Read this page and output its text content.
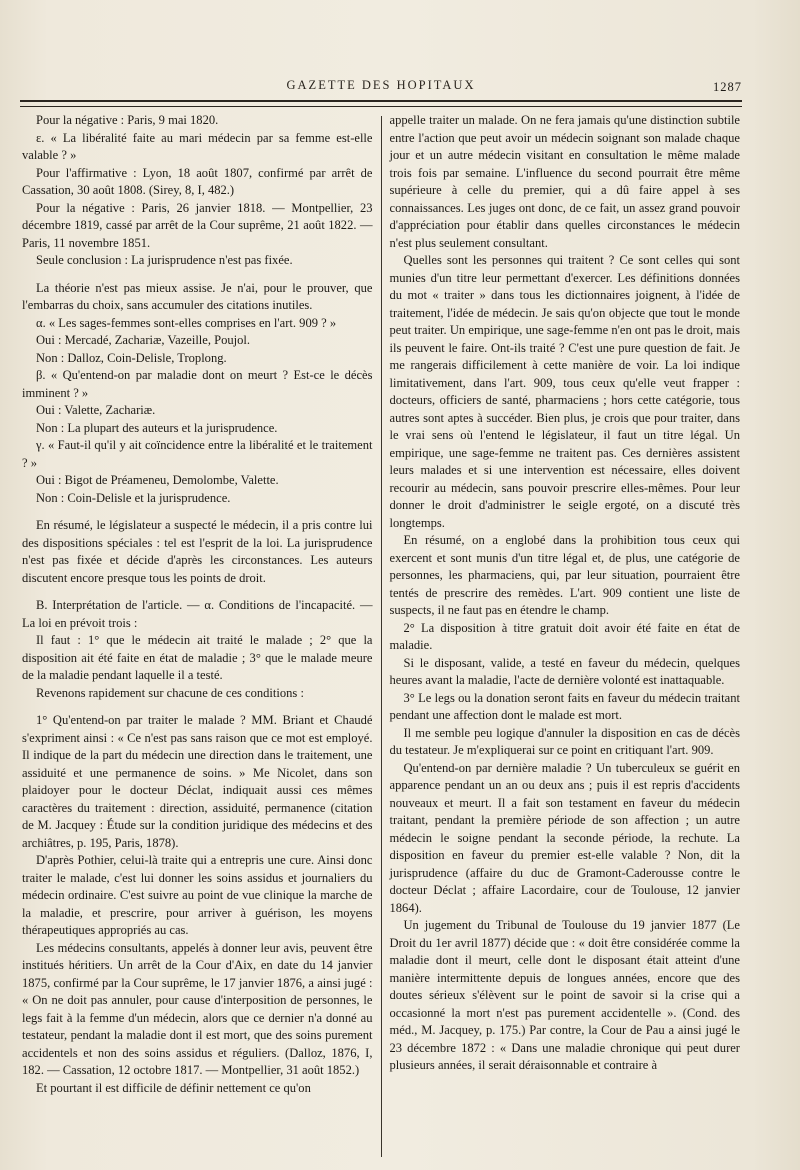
GAZETTE DES HOPITAUX	1287

Pour la négative : Paris, 9 mai 1820.

ε. « La libéralité faite au mari médecin par sa femme est-elle valable ? »

Pour l'affirmative : Lyon, 18 août 1807, confirmé par arrêt de Cassation, 30 août 1808. (Sirey, 8, I, 482.)

Pour la négative : Paris, 26 janvier 1818. — Montpellier, 23 décembre 1819, cassé par arrêt de la Cour suprême, 21 août 1822. — Paris, 11 novembre 1851.

Seule conclusion : La jurisprudence n'est pas fixée.

La théorie n'est pas mieux assise. Je n'ai, pour le prouver, que l'embarras du choix, sans accumuler des citations inutiles.

α. « Les sages-femmes sont-elles comprises en l'art. 909 ? »

Oui : Mercadé, Zachariæ, Vazeille, Poujol.

Non : Dalloz, Coin-Delisle, Troplong.

β. « Qu'entend-on par maladie dont on meurt ? Est-ce le décès imminent ? »

Oui : Valette, Zachariæ.

Non : La plupart des auteurs et la jurisprudence.

γ. « Faut-il qu'il y ait coïncidence entre la libéralité et le traitement ? »

Oui : Bigot de Préameneu, Demolombe, Valette.

Non : Coin-Delisle et la jurisprudence.

En résumé, le législateur a suspecté le médecin, il a pris contre lui des dispositions spéciales : tel est l'esprit de la loi. La jurisprudence n'est pas fixée et décide d'après les circonstances. Les auteurs discutent encore presque tous les points de droit.

B. Interprétation de l'article. — α. Conditions de l'incapacité. — La loi en prévoit trois :

Il faut : 1° que le médecin ait traité le malade ; 2° que la disposition ait été faite en état de maladie ; 3° que le malade meure de la maladie pendant laquelle il a testé.

Revenons rapidement sur chacune de ces conditions :

1° Qu'entend-on par traiter le malade ? MM. Briant et Chaudé s'expriment ainsi : « Ce n'est pas sans raison que ce mot est employé. Il indique de la part du médecin une direction dans le traitement, une assiduité et une permanence de soins. » Me Nicolet, dans son plaidoyer pour le docteur Déclat, indiquait aussi ces mêmes caractères du traitement : direction, assiduité, permanence (citation de M. Jacquey : Étude sur la condition juridique des médecins et des archiâtres, p. 195, Paris, 1878).

D'après Pothier, celui-là traite qui a entrepris une cure. Ainsi donc traiter le malade, c'est lui donner les soins assidus et journaliers du médecin ordinaire. C'est suivre au point de vue clinique la marche de la maladie, et prescrire, pour arriver à guérison, les moyens thérapeutiques appropriés au cas.

Les médecins consultants, appelés à donner leur avis, peuvent être institués héritiers. Un arrêt de la Cour d'Aix, en date du 14 janvier 1875, confirmé par la Cour suprême, le 17 janvier 1876, a ainsi jugé : « On ne doit pas annuler, pour cause d'interposition de personnes, le legs fait à la femme d'un médecin, alors que ce dernier n'a donné au testateur, pendant la maladie dont il est mort, que des soins purement accidentels et non des soins assidus et réguliers. (Dalloz, 1876, I, 182. — Cassation, 12 octobre 1817. — Montpellier, 31 août 1852.)

Et pourtant il est difficile de définir nettement ce qu'on

appelle traiter un malade. On ne fera jamais qu'une distinction subtile entre l'action que peut avoir un médecin soignant son malade chaque jour et un autre médecin visitant en consultation le même malade trois fois par semaine. L'influence du second pourrait être même supérieure à celle du premier, qui a dû faire appel à ses connaissances. Les juges ont donc, de ce fait, un assez grand pouvoir d'appréciation pour établir dans quelles circonstances le médecin n'est plus seulement consultant.

Quelles sont les personnes qui traitent ? Ce sont celles qui sont munies d'un titre leur permettant d'exercer. Les définitions données du mot « traiter » dans tous les dictionnaires joignent, à l'idée de traitement, l'idée de médecin. Je sais qu'on objecte que tout le monde peut traiter. Un empirique, une sage-femme n'en ont pas le droit, mais ils peuvent le faire. Ont-ils traité ? C'est une pure question de fait. Je me rangerais difficilement à cette manière de voir. La loi indique limitativement, dans l'art. 909, tous ceux qu'elle veut frapper : docteurs, officiers de santé, pharmaciens ; hors cette catégorie, tous autres sont aptes à succéder. Bien plus, je crois que pour traiter, dans le vrai sens où l'entend le législateur, il faut un titre légal. Un empirique, une sage-femme ne traitent pas. Ces dernières assistent leurs malades et si une intervention est nécessaire, elles doivent recourir au médecin, sans pouvoir prescrire elles-mêmes. Pour leur donner le droit d'administrer le seigle ergoté, on a discuté très longtemps.

En résumé, on a englobé dans la prohibition tous ceux qui exercent et sont munis d'un titre légal et, de plus, une catégorie de personnes, les pharmaciens, qui, par leur situation, pourraient être tentés de prescrire des remèdes. L'art. 909 contient une liste de suspects, il ne faut pas en étendre le champ.

2° La disposition à titre gratuit doit avoir été faite en état de maladie.

Si le disposant, valide, a testé en faveur du médecin, quelques heures avant la maladie, l'acte de dernière volonté est inattaquable.

3° Le legs ou la donation seront faits en faveur du médecin traitant pendant une affection dont le malade est mort.

Il me semble peu logique d'annuler la disposition en cas de décès du testateur. Je m'expliquerai sur ce point en critiquant l'art. 909.

Qu'entend-on par dernière maladie ? Un tuberculeux se guérit en apparence pendant un an ou deux ans ; puis il est repris d'accidents nouveaux et meurt. Il a fait son testament en faveur du médecin traitant, pendant la première période de son affection ; un autre médecin le soigne pendant la seconde période, la rechute. La disposition en faveur du premier est-elle valable ? Non, dit la jurisprudence (affaire du duc de Gramont-Caderousse contre le docteur Déclat ; affaire Lacordaire, cour de Toulouse, 12 janvier 1864).

Un jugement du Tribunal de Toulouse du 19 janvier 1877 (Le Droit du 1er avril 1877) décide que : « doit être considérée comme la maladie dont il meurt, celle dont le disposant était atteint d'une manière intermittente depuis de longues années, encore que des doutes sérieux s'élèvent sur le point de savoir si la crise qui a occasionné la mort n'est pas purement accidentelle ». (Cond. des méd., M. Jacquey, p. 175.) Par contre, la Cour de Pau a ainsi jugé le 23 décembre 1872 : « Dans une maladie chronique qui peut durer plusieurs années, il serait déraisonnable et contraire à
